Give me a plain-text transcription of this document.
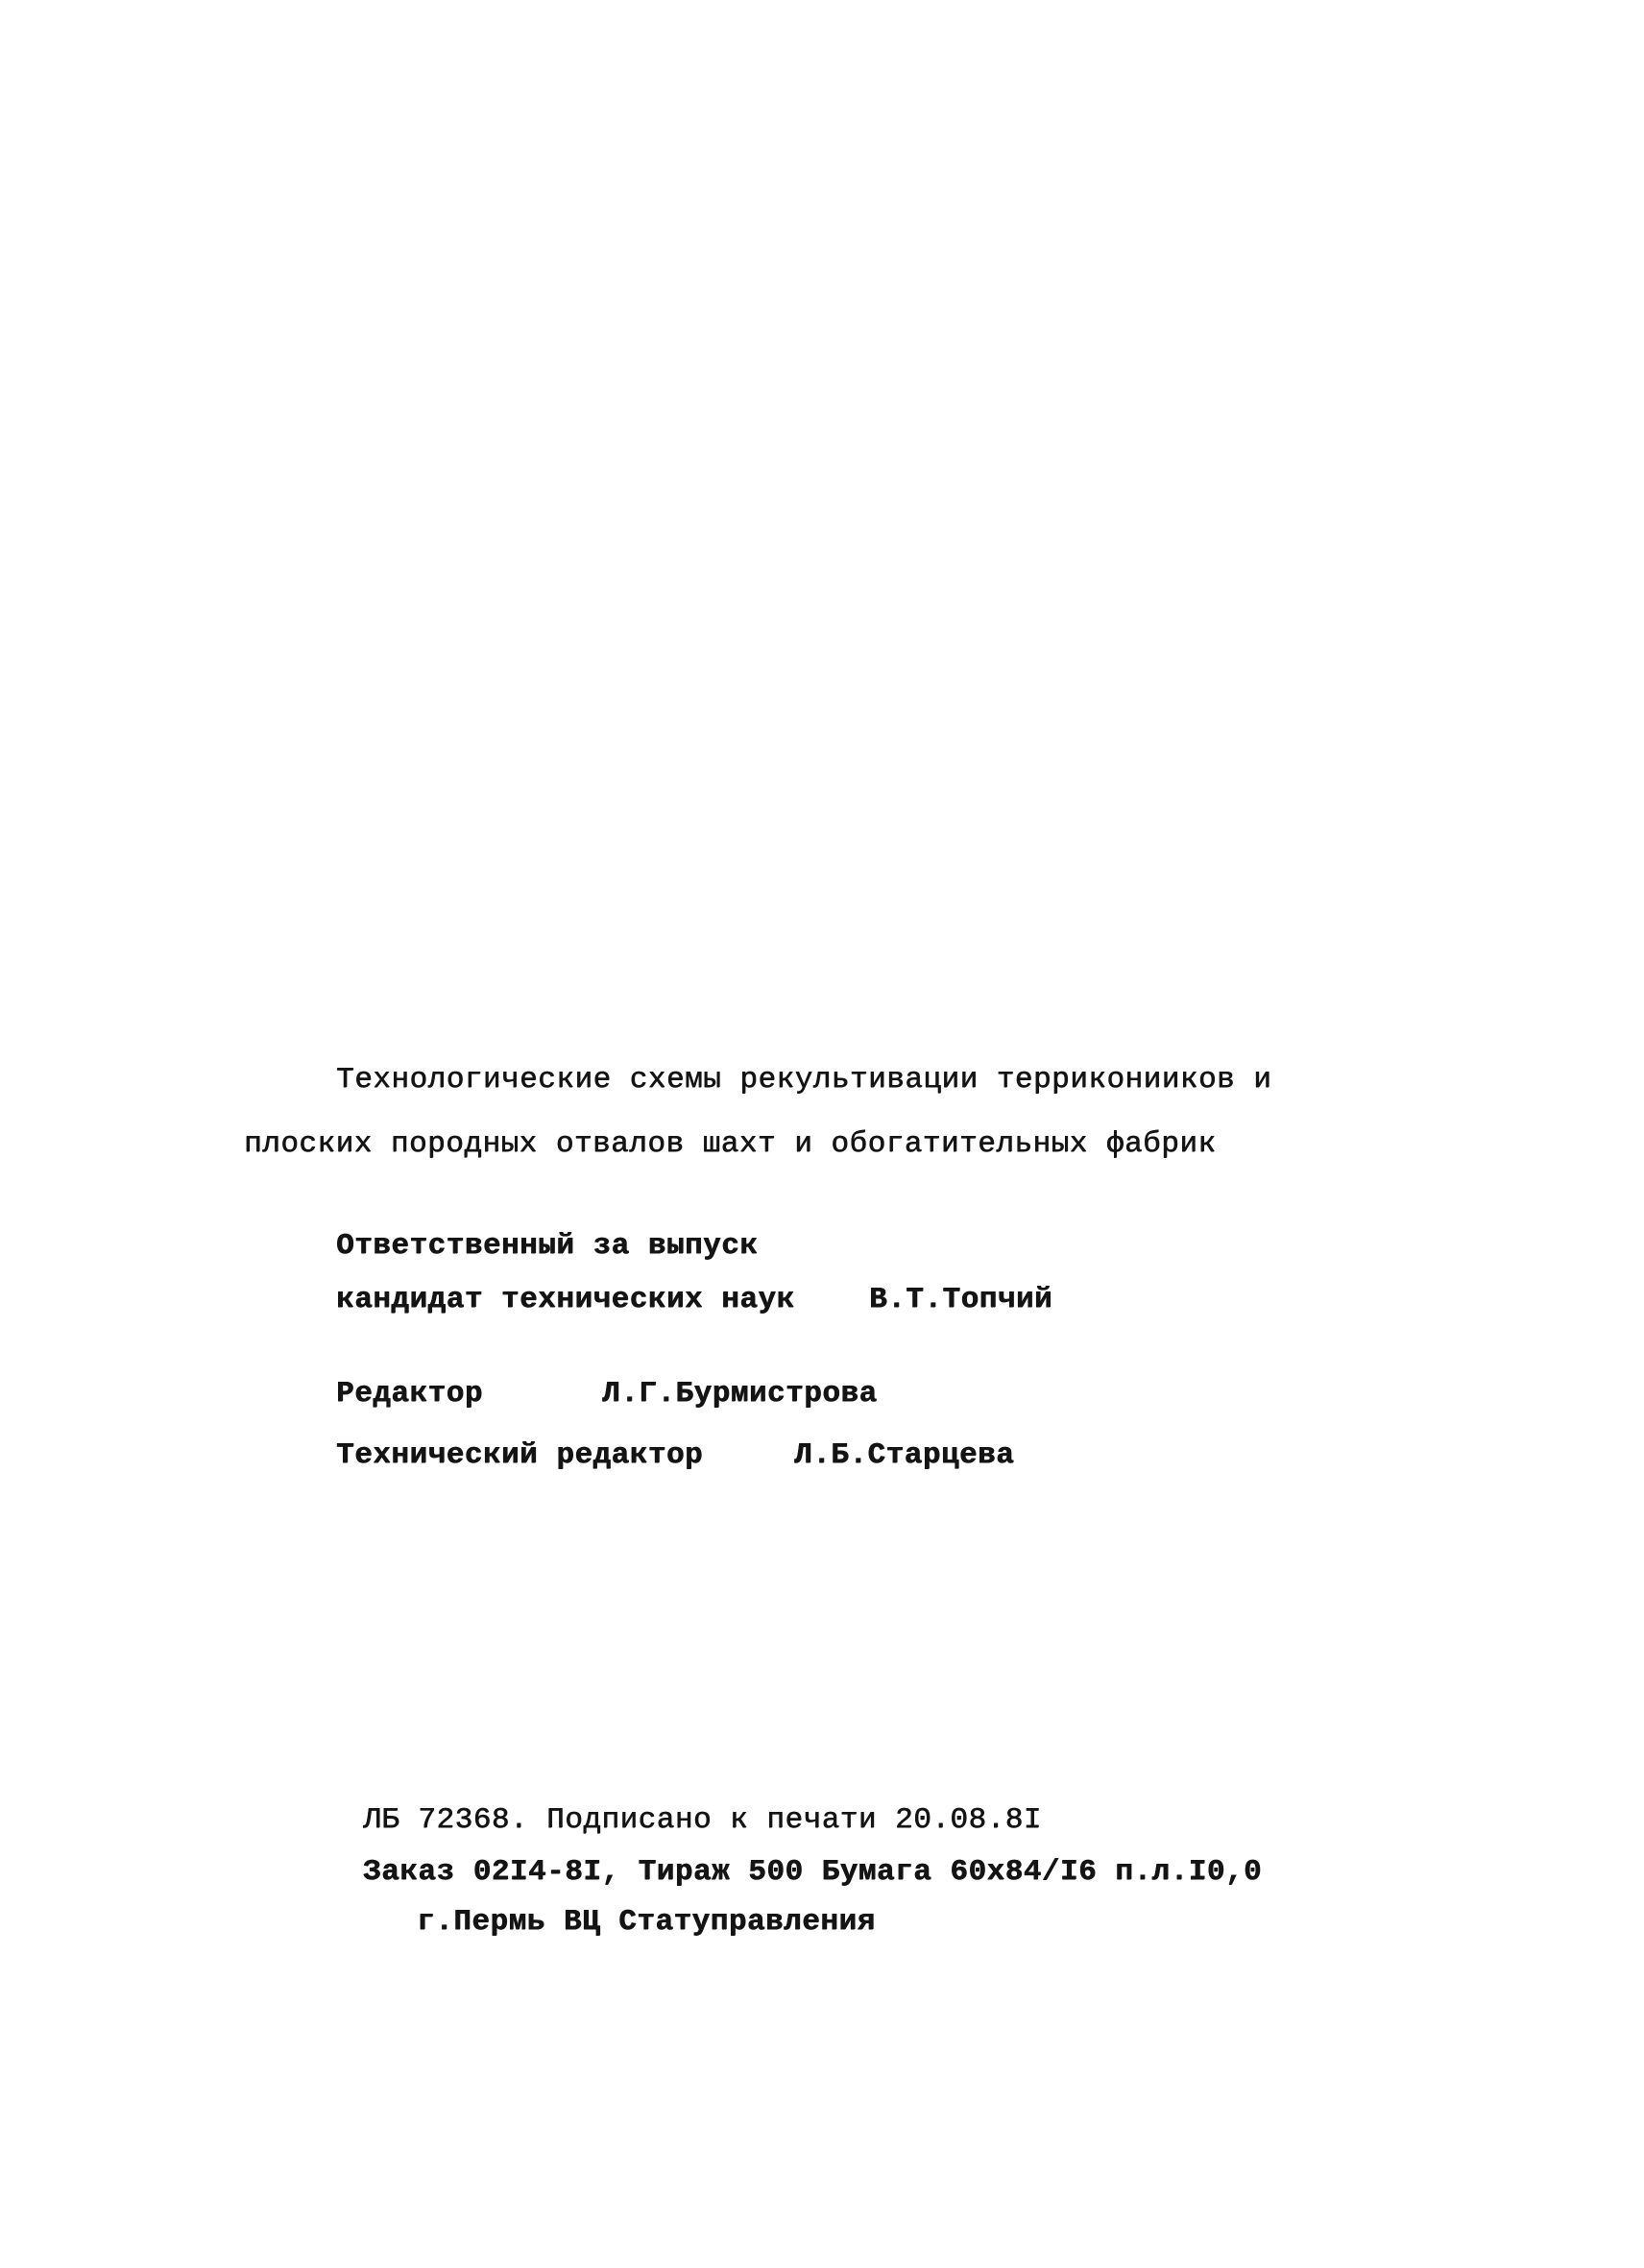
Технологические схемы рекультивации терриконииков и
плоских породных отвалов шахт и обогатительных фабрик
Ответственный за выпуск
кандидат технических наук В.Т.Топчий
Редактор	Л.Г.Бурмистрова
Технический редактор	Л.Б.Старцева
ЛБ 72368. Подписано к печати 20.08.8I
Заказ 02I4-8I, Тираж 500 Бумага 60х84/I6 п.л.I0,0
г.Пермь ВЦ Статуправления
